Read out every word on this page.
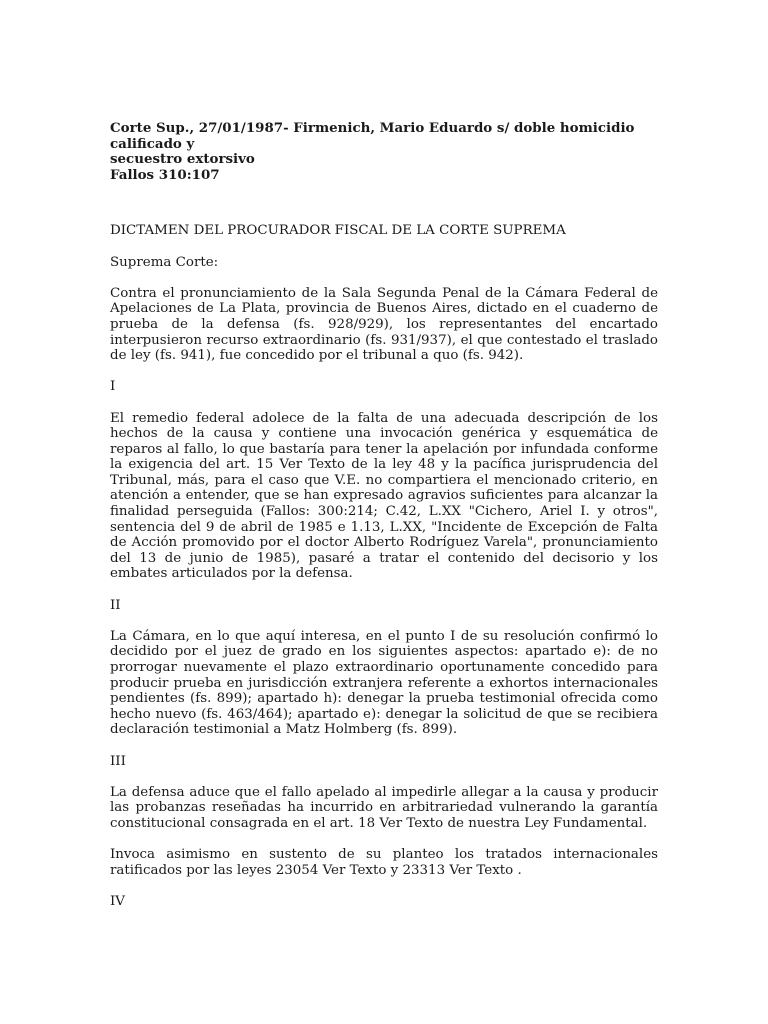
Corte Sup., 27/01/1987- Firmenich, Mario Eduardo s/ doble homicidio calificado y
secuestro extorsivo
Fallos 310:107

DICTAMEN DEL PROCURADOR FISCAL DE LA CORTE SUPREMA

Suprema Corte:

Contra el pronunciamiento de la Sala Segunda Penal de la Cámara Federal de Apelaciones de La Plata, provincia de Buenos Aires, dictado en el cuaderno de prueba de la defensa (fs. 928/929), los representantes del encartado interpusieron recurso extraordinario (fs. 931/937), el que contestado el traslado de ley (fs. 941), fue concedido por el tribunal a quo (fs. 942).

I

El remedio federal adolece de la falta de una adecuada descripción de los hechos de la causa y contiene una invocación genérica y esquemática de reparos al fallo, lo que bastaría para tener la apelación por infundada conforme la exigencia del art. 15 Ver Texto de la ley 48 y la pacífica jurisprudencia del Tribunal, más, para el caso que V.E. no compartiera el mencionado criterio, en atención a entender, que se han expresado agravios suficientes para alcanzar la finalidad perseguida (Fallos: 300:214; C.42, L.XX "Cichero, Ariel I. y otros", sentencia del 9 de abril de 1985 e 1.13, L.XX, "Incidente de Excepción de Falta de Acción promovido por el doctor Alberto Rodríguez Varela", pronunciamiento del 13 de junio de 1985), pasaré a tratar el contenido del decisorio y los embates articulados por la defensa.

II

La Cámara, en lo que aquí interesa, en el punto I de su resolución confirmó lo decidido por el juez de grado en los siguientes aspectos: apartado e): de no prorrogar nuevamente el plazo extraordinario oportunamente concedido para producir prueba en jurisdicción extranjera referente a exhortos internacionales pendientes (fs. 899); apartado h): denegar la prueba testimonial ofrecida como hecho nuevo (fs. 463/464); apartado e): denegar la solicitud de que se recibiera declaración testimonial a Matz Holmberg (fs. 899).

III

La defensa aduce que el fallo apelado al impedirle allegar a la causa y producir las probanzas reseñadas ha incurrido en arbitrariedad vulnerando la garantía constitucional consagrada en el art. 18 Ver Texto de nuestra Ley Fundamental.

Invoca asimismo en sustento de su planteo los tratados internacionales ratificados por las leyes 23054 Ver Texto y 23313 Ver Texto .

IV
